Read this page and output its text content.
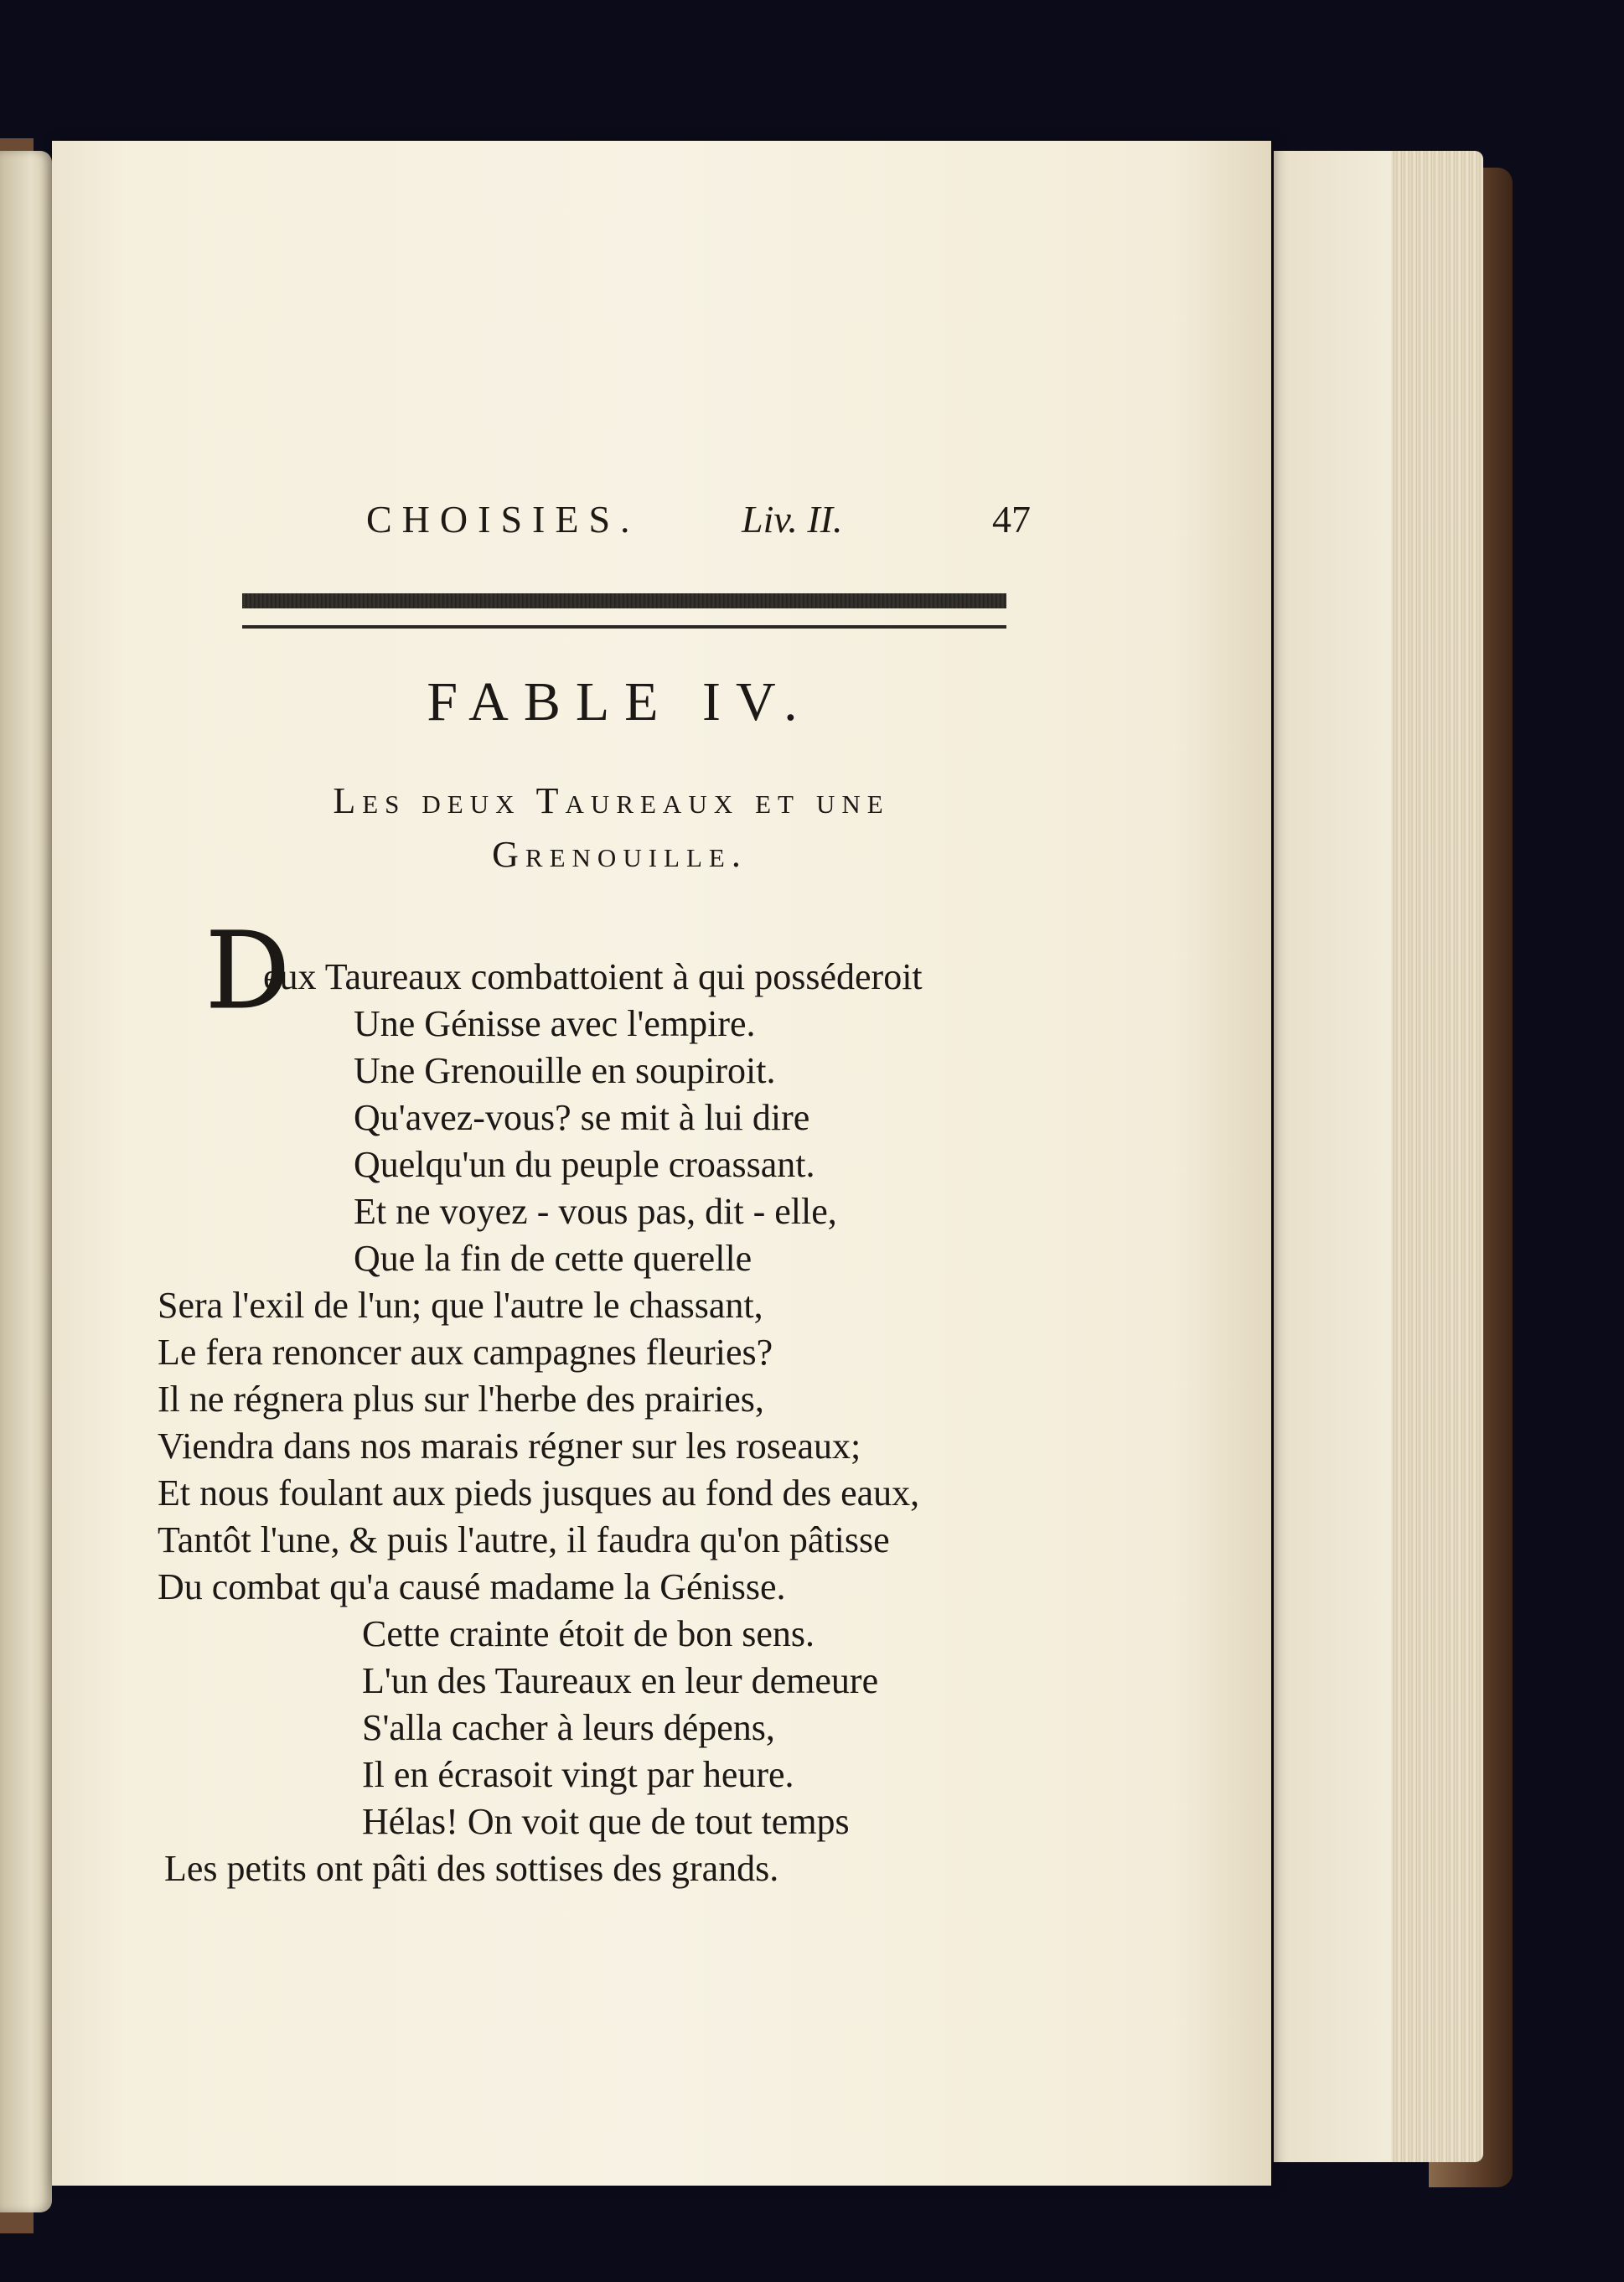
CHOISIES.	Liv. II.	47
FABLE IV.
Les deux Taureaux et une
Grenouille.
D
eux Taureaux combattoient à qui posséderoit
Une Génisse avec l'empire.
Une Grenouille en soupiroit.
Qu'avez-vous? se mit à lui dire
Quelqu'un du peuple croassant.
Et ne voyez - vous pas, dit - elle,
Que la fin de cette querelle
Sera l'exil de l'un; que l'autre le chassant,
Le fera renoncer aux campagnes fleuries?
Il ne régnera plus sur l'herbe des prairies,
Viendra dans nos marais régner sur les roseaux;
Et nous foulant aux pieds jusques au fond des eaux,
Tantôt l'une, & puis l'autre, il faudra qu'on pâtisse
Du combat qu'a causé madame la Génisse.
Cette crainte étoit de bon sens.
L'un des Taureaux en leur demeure
S'alla cacher à leurs dépens,
Il en écrasoit vingt par heure.
Hélas! On voit que de tout temps
Les petits ont pâti des sottises des grands.
